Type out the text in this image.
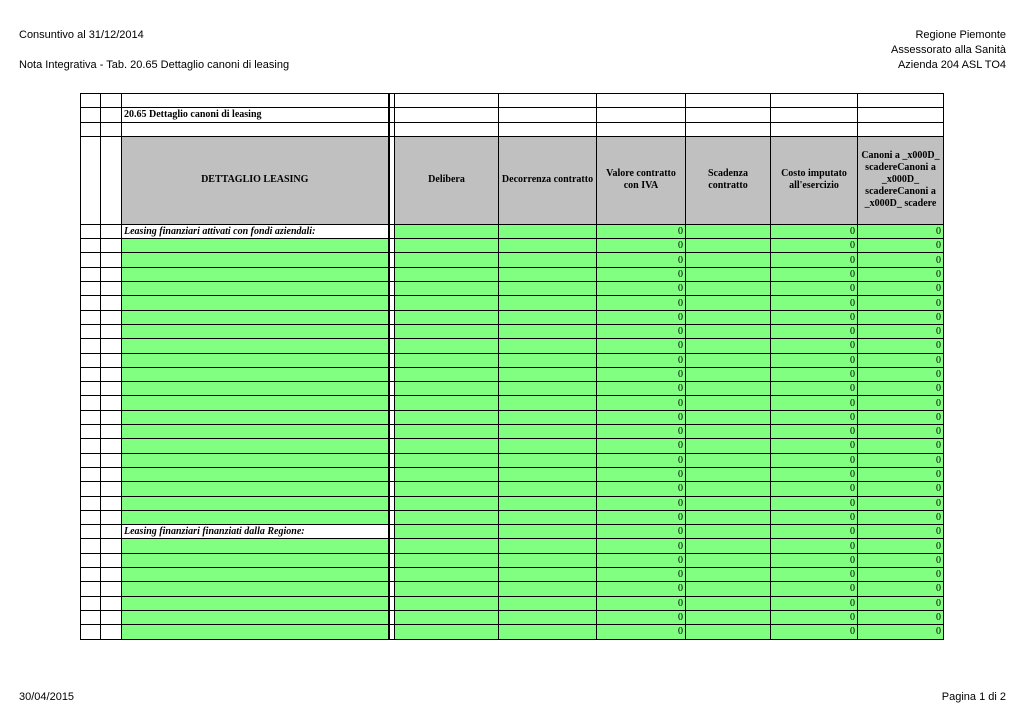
Consuntivo al 31/12/2014
Nota Integrativa - Tab. 20.65 Dettaglio canoni di leasing
Regione Piemonte
Assessorato alla Sanità
Azienda 204 ASL TO4

		20.65 Dettaglio canoni di leasing							

		DETTAGLIO LEASING		Delibera	Decorrenza contratto	Valore contratto con IVA	Scadenza contratto	Costo imputato all'esercizio	Canoni a _x000D_ scadereCanoni a _x000D_ scadereCanoni a _x000D_ scadere
		Leasing finanziari attivati con fondi aziendali:				0		0	0
						0		0	0
						0		0	0
						0		0	0
						0		0	0
						0		0	0
						0		0	0
						0		0	0
						0		0	0
						0		0	0
						0		0	0
						0		0	0
						0		0	0
						0		0	0
						0		0	0
						0		0	0
						0		0	0
						0		0	0
						0		0	0
						0		0	0
						0		0	0
		Leasing finanziari finanziati dalla Regione:				0		0	0
						0		0	0
						0		0	0
						0		0	0
						0		0	0
						0		0	0
						0		0	0
						0		0	0
30/04/2015	Pagina 1 di 2
